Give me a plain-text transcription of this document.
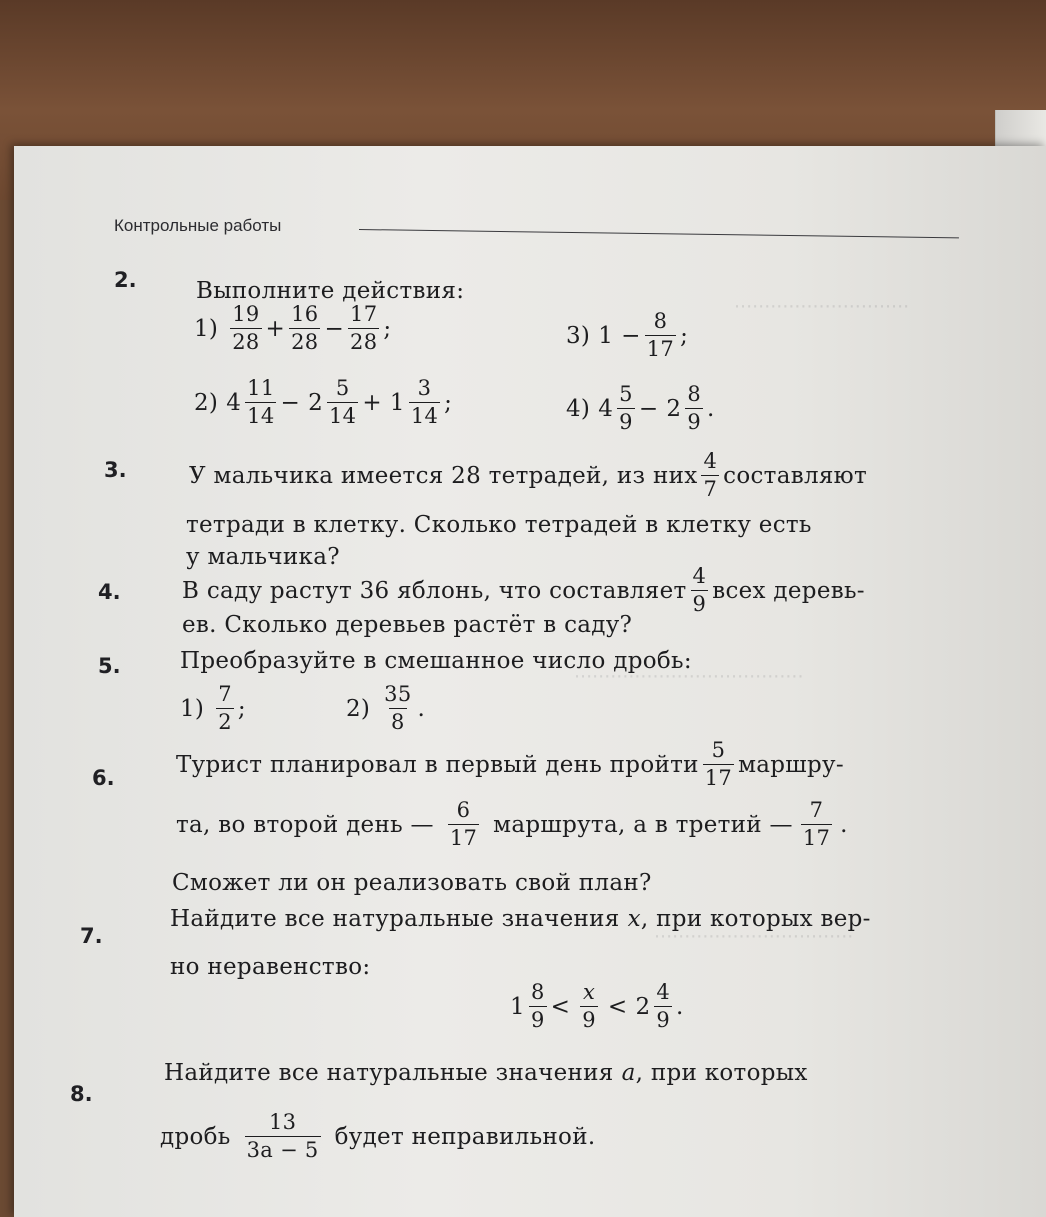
·····························
······································
·································
Контрольные работы
2.	Выполните действия:
$1) \frac{19}{28} + \frac{16}{28} - \frac{17}{28}$ ;	3) $1 - \frac{8}{17}$ ;
2) $4 \frac{11}{14} - 2 \frac{5}{14} + 1 \frac{3}{14}$ ;	4) $4 \frac{5}{9} - 2 \frac{8}{9}$ .
3.	У мальчика имеется 28 тетрадей, из них $\frac{4}{7}$ составляют
тетради в клетку. Сколько тетрадей в клетку есть
у мальчика?
4.	В саду растут 36 яблонь, что составляет $\frac{4}{9}$ всех деревь-
ев. Сколько деревьев растёт в саду?
5.	Преобразуйте в смешанное число дробь:
$1) \frac{7}{2}$ ;	$2) \frac{35}{8}$ .
6.
Турист планировал в первый день пройти $\frac{5}{17}$ маршру-
та, во второй день — $\frac{6}{17}$ маршрута, а в третий — $\frac{7}{17}$ .
Сможет ли он реализовать свой план?
7.
Найдите все натуральные значения x , при которых вер-
но неравенство:
$1 \frac{8}{9} < \frac{x}{9} < 2 \frac{4}{9}$ .
8.
Найдите все натуральные значения a , при которых
дробь $\frac{13}{3a - 5}$ будет неправильной.
